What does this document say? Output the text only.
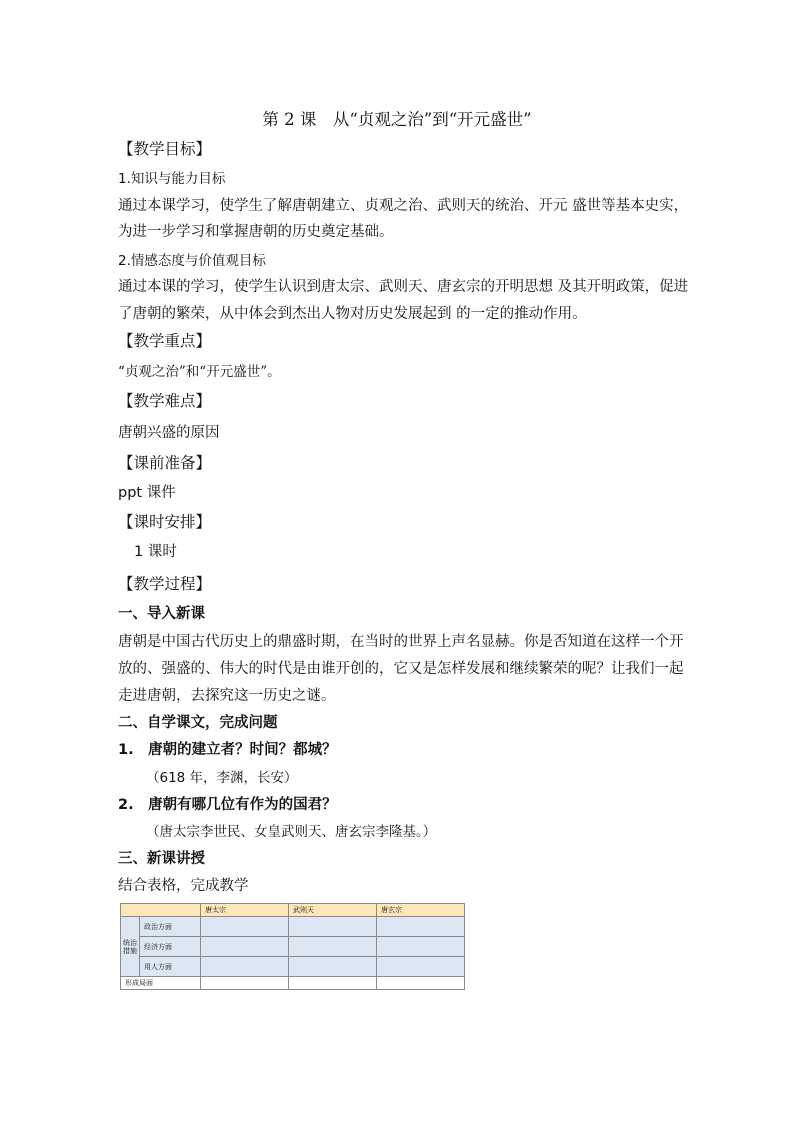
第 2 课　从“贞观之治”到“开元盛世”
【教学目标】
1.知识与能力目标
通过本课学习，使学生了解唐朝建立、贞观之治、武则天的统治、开元 盛世等基本史实，
为进一步学习和掌握唐朝的历史奠定基础。
2.情感态度与价值观目标
通过本课的学习，使学生认识到唐太宗、武则天、唐玄宗的开明思想 及其开明政策，促进
了唐朝的繁荣，从中体会到杰出人物对历史发展起到 的一定的推动作用。
【教学重点】
“贞观之治”和“开元盛世”。
【教学难点】
唐朝兴盛的原因
【课前准备】
ppt 课件
【课时安排】
1 课时
【教学过程】
一、导入新课
唐朝是中国古代历史上的鼎盛时期，在当时的世界上声名显赫。你是否知道在这样一个开
放的、强盛的、伟大的时代是由谁开创的，它又是怎样发展和继续繁荣的呢？让我们一起
走进唐朝，去探究这一历史之谜。
二、自学课文，完成问题
1.　唐朝的建立者？时间？都城？
（618 年，李渊，长安）
2.　唐朝有哪几位有作为的国君？
（唐太宗李世民、女皇武则天、唐玄宗李隆基。）
三、新课讲授
结合表格，完成教学
		唐太宗	武则天	唐玄宗
统治措施	政治方面			
	经济方面			
	用人方面			
形成局面				
